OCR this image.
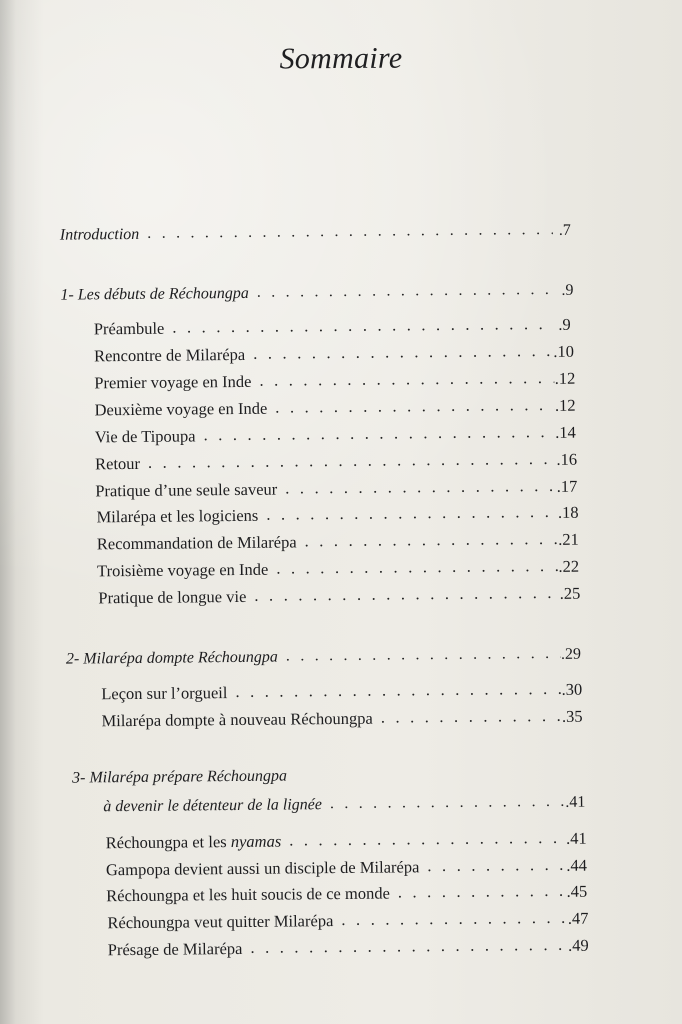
Sommaire
Introduction . . .	.7
1- Les débuts de Réchoungpa . . .	.9
Préambule . . .	.9
Rencontre de Milarépa . . .	.10
Premier voyage en Inde . . .	.12
Deuxième voyage en Inde . . .	.12
Vie de Tipoupa . . .	.14
Retour . . .	.16
Pratique d’une seule saveur . . .	.17
Milarépa et les logiciens . . .	.18
Recommandation de Milarépa . . .	.21
Troisième voyage en Inde . . .	.22
Pratique de longue vie . . .	.25
2- Milarépa dompte Réchoungpa . . .	.29
Leçon sur l’orgueil . . .	.30
Milarépa dompte à nouveau Réchoungpa . . .	.35
3- Milarépa prépare Réchoungpa
à devenir le détenteur de la lignée . . .	.41
Réchoungpa et les nyamas . . .	.41
Gampopa devient aussi un disciple de Milarépa . . .	.44
Réchoungpa et les huit soucis de ce monde . . .	.45
Réchoungpa veut quitter Milarépa . . .	.47
Présage de Milarépa . . .	.49
